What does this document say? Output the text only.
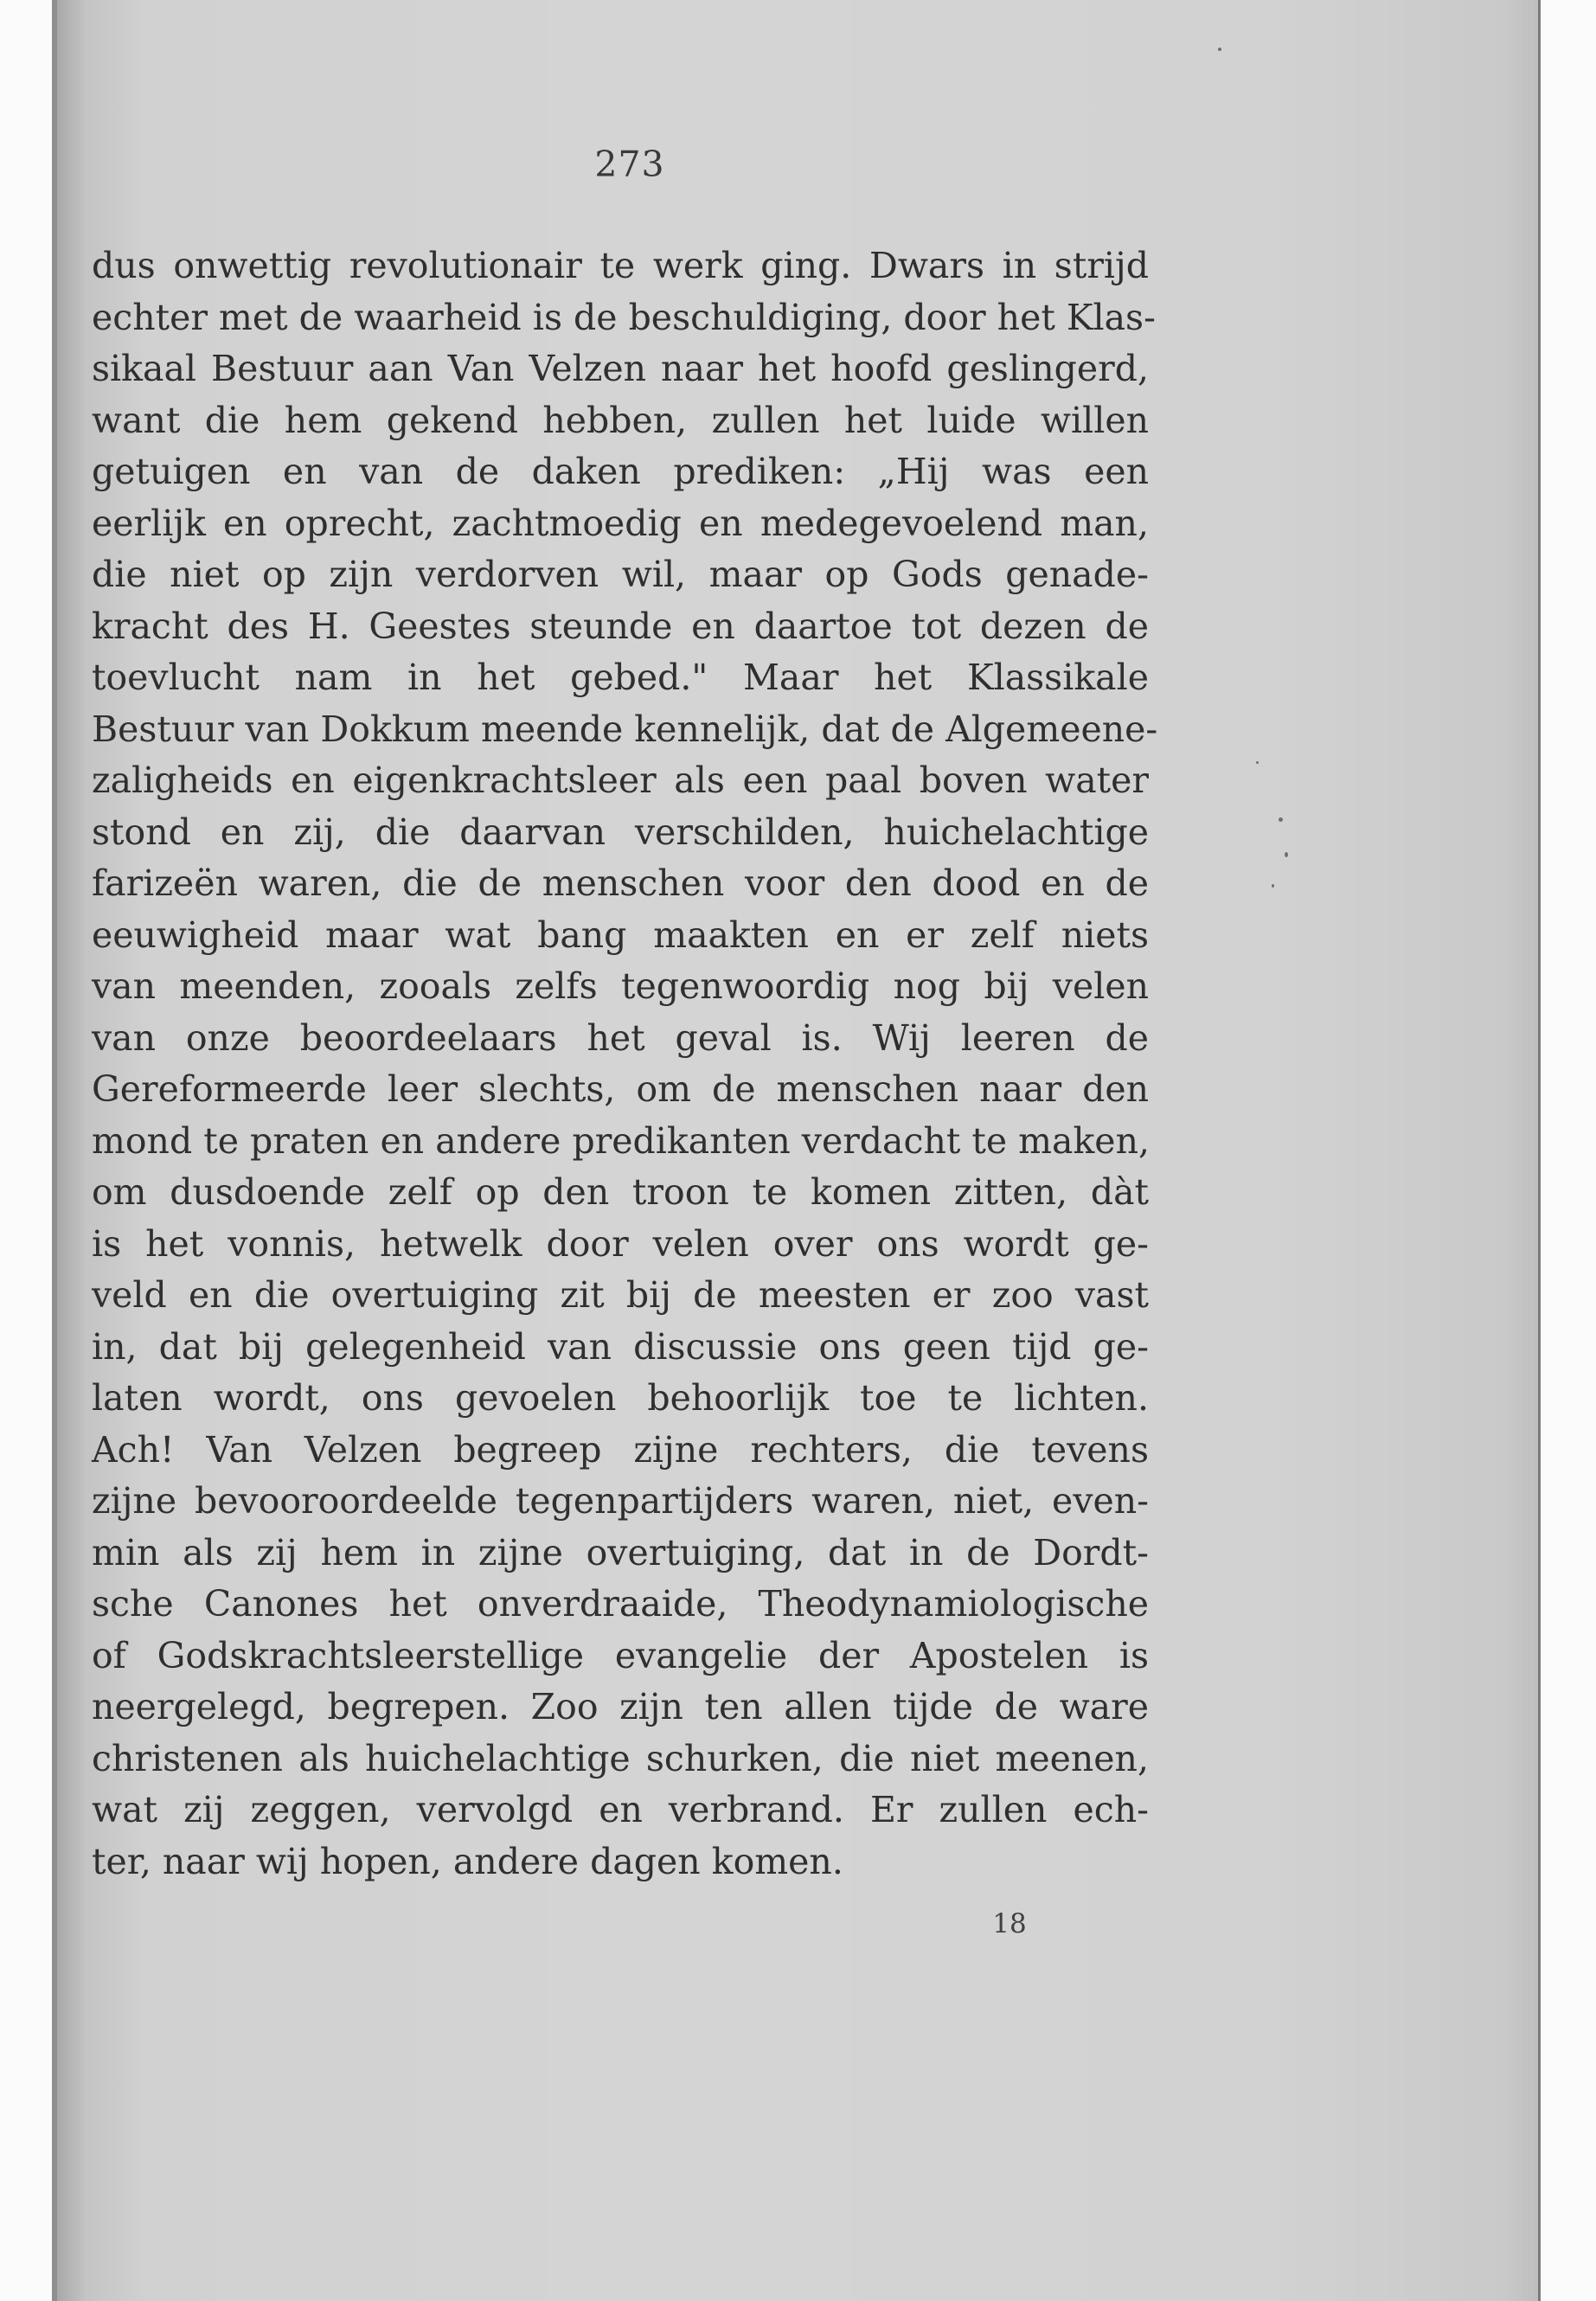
273
dus onwettig revolutionair te werk ging. Dwars in strijd
echter met de waarheid is de beschuldiging, door het Klas-
sikaal Bestuur aan Van Velzen naar het hoofd geslingerd,
want die hem gekend hebben, zullen het luide willen
getuigen en van de daken prediken: „Hij was een
eerlijk en oprecht, zachtmoedig en medegevoelend man,
die niet op zijn verdorven wil, maar op Gods genade-
kracht des H. Geestes steunde en daartoe tot dezen de
toevlucht nam in het gebed." Maar het Klassikale
Bestuur van Dokkum meende kennelijk, dat de Algemeene-
zaligheids en eigenkrachtsleer als een paal boven water
stond en zij, die daarvan verschilden, huichelachtige
farizeën waren, die de menschen voor den dood en de
eeuwigheid maar wat bang maakten en er zelf niets
van meenden, zooals zelfs tegenwoordig nog bij velen
van onze beoordeelaars het geval is. Wij leeren de
Gereformeerde leer slechts, om de menschen naar den
mond te praten en andere predikanten verdacht te maken,
om dusdoende zelf op den troon te komen zitten, dàt
is het vonnis, hetwelk door velen over ons wordt ge-
veld en die overtuiging zit bij de meesten er zoo vast
in, dat bij gelegenheid van discussie ons geen tijd ge-
laten wordt, ons gevoelen behoorlijk toe te lichten.
Ach! Van Velzen begreep zijne rechters, die tevens
zijne bevooroordeelde tegenpartijders waren, niet, even-
min als zij hem in zijne overtuiging, dat in de Dordt-
sche Canones het onverdraaide, Theodynamiologische
of Godskrachtsleerstellige evangelie der Apostelen is
neergelegd, begrepen. Zoo zijn ten allen tijde de ware
christenen als huichelachtige schurken, die niet meenen,
wat zij zeggen, vervolgd en verbrand. Er zullen ech-
ter, naar wij hopen, andere dagen komen.
18
